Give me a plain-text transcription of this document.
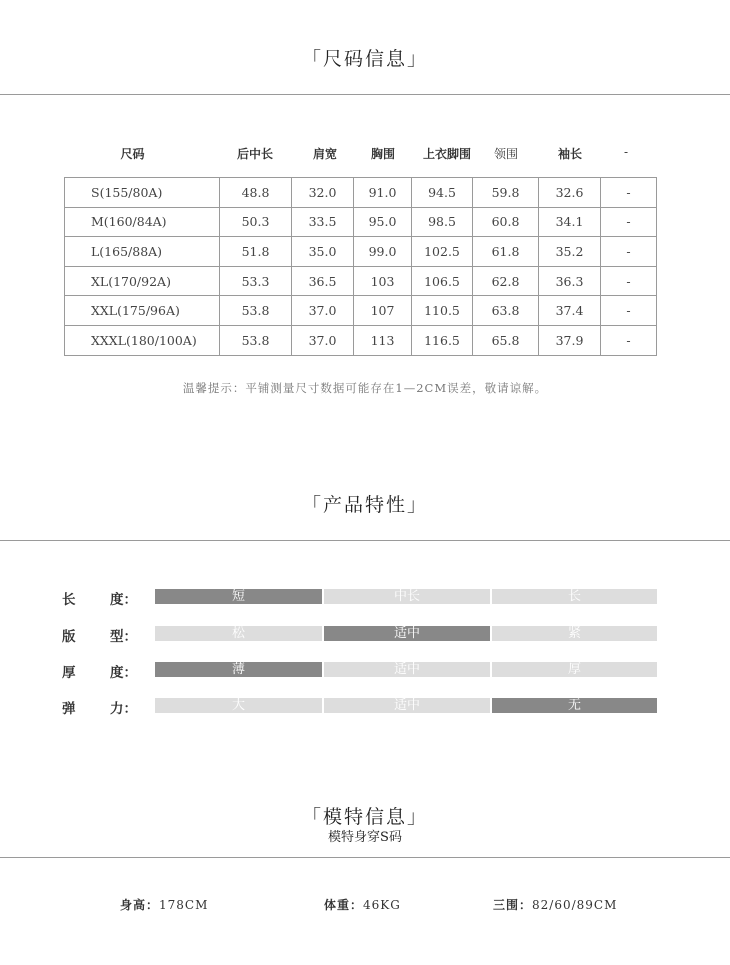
「尺码信息」
尺码	后中长	肩宽	胸围	上衣脚围	领围	袖长	-
S(155/80A)	48.8	32.0	91.0	94.5	59.8	32.6	-
M(160/84A)	50.3	33.5	95.0	98.5	60.8	34.1	-
L(165/88A)	51.8	35.0	99.0	102.5	61.8	35.2	-
XL(170/92A)	53.3	36.5	103	106.5	62.8	36.3	-
XXL(175/96A)	53.8	37.0	107	110.5	63.8	37.4	-
XXXL(180/100A)	53.8	37.0	113	116.5	65.8	37.9	-
温馨提示：平铺测量尺寸数据可能存在1—2CM误差，敬请谅解。
「产品特性」
长	度：	短	中长	长
版	型：	松	适中	紧
厚	度：	薄	适中	厚
弹	力：	大	适中	无
「模特信息」
模特身穿S码
身高：178CM	体重：46KG	三围：82/60/89CM
